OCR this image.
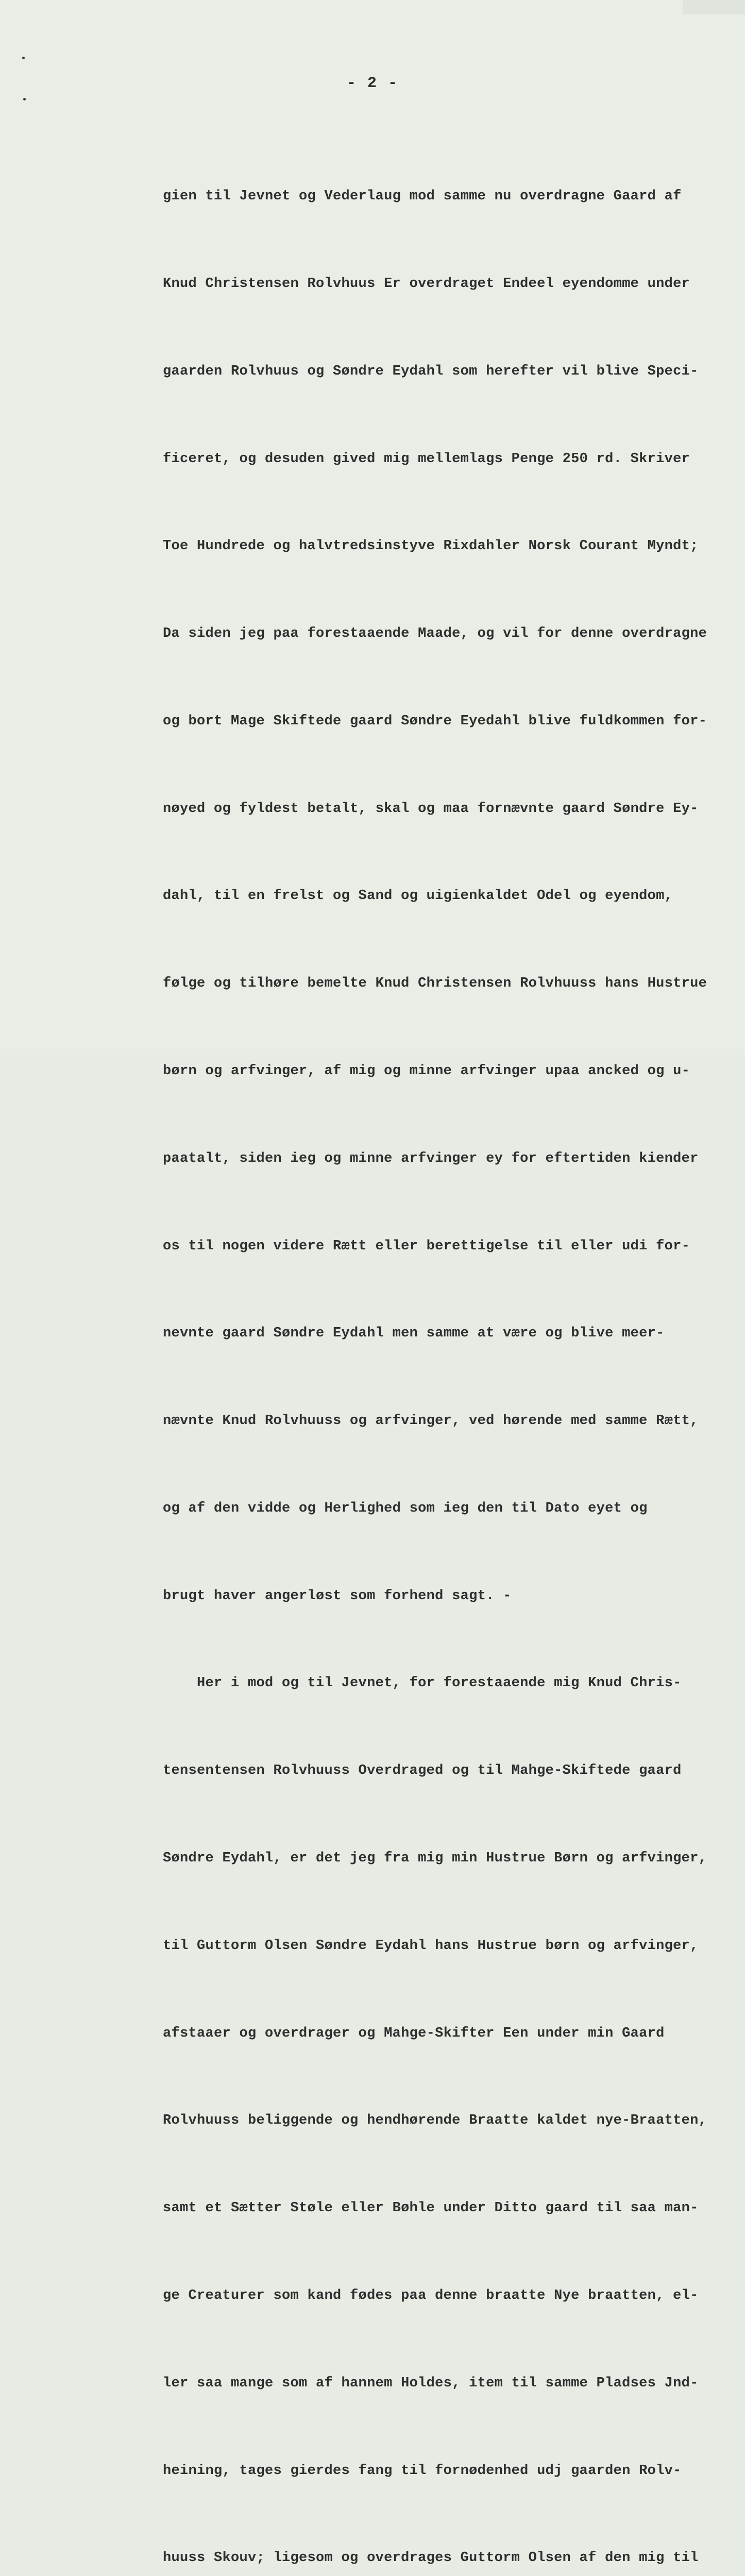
- 2 -

gien til Jevnet og Vederlaug mod samme nu overdragne Gaard af

Knud Christensen Rolvhuus Er overdraget Endeel eyendomme under

gaarden Rolvhuus og Søndre Eydahl som herefter vil blive Speci-

ficeret, og desuden gived mig mellemlags Penge 250 rd. Skriver

Toe Hundrede og halvtredsinstyve Rixdahler Norsk Courant Myndt;

Da siden jeg paa forestaaende Maade, og vil for denne overdragne

og bort Mage Skiftede gaard Søndre Eyedahl blive fuldkommen for-

nøyed og fyldest betalt, skal og maa fornævnte gaard Søndre Ey-

dahl, til en frelst og Sand og uigienkaldet Odel og eyendom,

følge og tilhøre bemelte Knud Christensen Rolvhuuss hans Hustrue

børn og arfvinger, af mig og minne arfvinger upaa ancked og u-

paatalt, siden ieg og minne arfvinger ey for eftertiden kiender

os til nogen videre Rætt eller berettigelse til eller udi for-

nevnte gaard Søndre Eydahl men samme at være og blive meer-

nævnte Knud Rolvhuuss og arfvinger, ved hørende med samme Rætt,

og af den vidde og Herlighed som ieg den til Dato eyet og

brugt haver angerløst som forhend sagt. -

Her i mod og til Jevnet, for forestaaende mig Knud Chris-

tensentensen Rolvhuuss Overdraged og til Mahge-Skiftede gaard

Søndre Eydahl, er det jeg fra mig min Hustrue Børn og arfvinger,

til Guttorm Olsen Søndre Eydahl hans Hustrue børn og arfvinger,

afstaaer og overdrager og Mahge-Skifter Een under min Gaard

Rolvhuuss beliggende og hendhørende Braatte kaldet nye-Braatten,

samt et Sætter Støle eller Bøhle under Ditto gaard til saa man-

ge Creaturer som kand fødes paa denne braatte Nye braatten, el-

ler saa mange som af hannem Holdes, item til samme Pladses Jnd-

heining, tages gierdes fang til fornødenhed udj gaarden Rolv-

huuss Skouv; ligesom og overdrages Guttorm Olsen af den mig til
